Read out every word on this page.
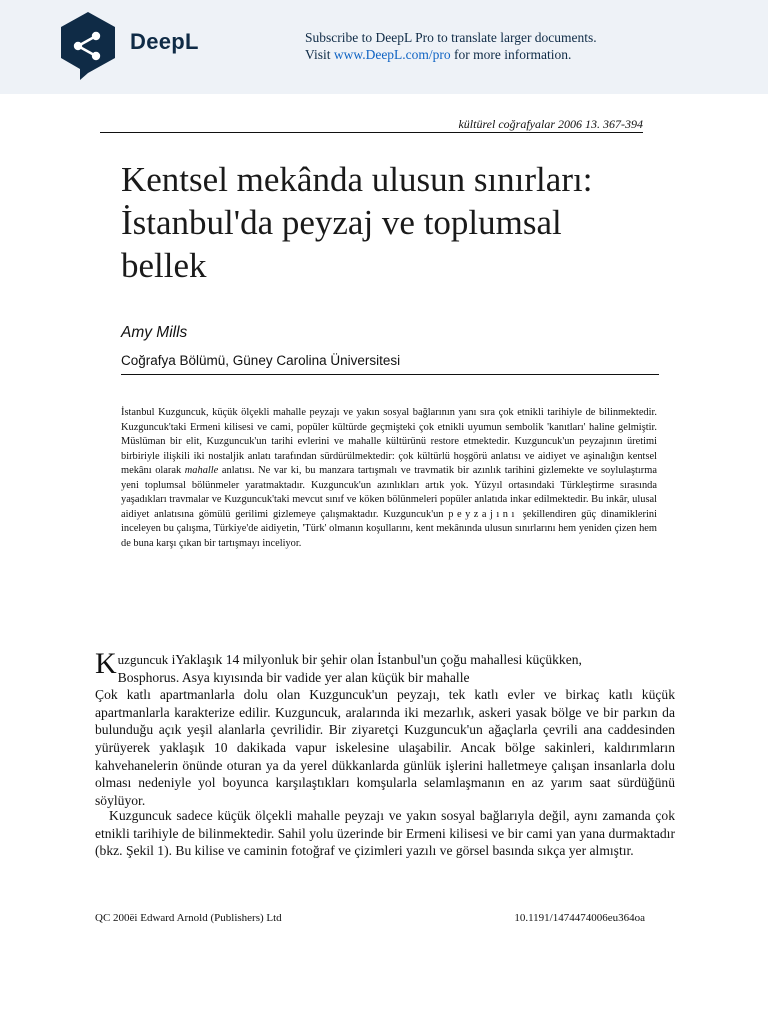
DeepL	Subscribe to DeepL Pro to translate larger documents.
Visit www.DeepL.com/pro for more information.
kültürel coğrafyalar 2006 13. 367-394
Kentsel mekânda ulusun sınırları: İstanbul'da peyzaj ve toplumsal bellek
Amy Mills
Coğrafya Bölümü, Güney Carolina Üniversitesi
İstanbul Kuzguncuk, küçük ölçekli mahalle peyzajı ve yakın sosyal bağlarının yanı sıra çok etnikli tarihiyle de bilinmektedir. Kuzguncuk'taki Ermeni kilisesi ve cami, popüler kültürde geçmişteki çok etnikli uyumun sembolik 'kanıtları' haline gelmiştir. Müslüman bir elit, Kuzguncuk'un tarihi evlerini ve mahalle kültürünü restore etmektedir. Kuzguncuk'un peyzajının üretimi birbiriyle ilişkili iki nostaljik anlatı tarafından sürdürülmektedir: çok kültürlü hoşgörü anlatısı ve aidiyet ve aşinalığın kentsel mekânı olarak mahalle anlatısı. Ne var ki, bu manzara tartışmalı ve travmatik bir azınlık tarihini gizlemekte ve soylulaştırma yeni toplumsal bölünmeler yaratmaktadır. Kuzguncuk'un azınlıkları artık yok. Yüzyıl ortasındaki Türkleştirme sırasında yaşadıkları travmalar ve Kuzguncuk'taki mevcut sınıf ve köken bölünmeleri popüler anlatıda inkar edilmektedir. Bu inkâr, ulusal aidiyet anlatısına gömülü gerilimi gizlemeye çalışmaktadır. Kuzguncuk'un peyzajını şekillendiren güç dinamiklerini inceleyen bu çalışma, Türkiye'de aidiyetin, 'Türk' olmanın koşullarını, kent mekânında ulusun sınırlarını hem yeniden çizen hem de buna karşı çıkan bir tartışmayı inceliyor.
Kuzguncuk iYaklaşık 14 milyonluk bir şehir olan İstanbul'un çoğu mahallesi küçükken,
Bosphorus. Asya kıyısında bir vadide yer alan küçük bir mahalle
Çok katlı apartmanlarla dolu olan Kuzguncuk'un peyzajı, tek katlı evler ve birkaç katlı küçük apartmanlarla karakterize edilir. Kuzguncuk, aralarında iki mezarlık, askeri yasak bölge ve bir parkın da bulunduğu açık yeşil alanlarla çevrilidir. Bir ziyaretçi Kuzguncuk'un ağaçlarla çevrili ana caddesinden yürüyerek yaklaşık 10 dakikada vapur iskelesine ulaşabilir. Ancak bölge sakinleri, kaldırımların kahvehanelerin önünde oturan ya da yerel dükkanlarda günlük işlerini halletmeye çalışan insanlarla dolu olması nedeniyle yol boyunca karşılaştıkları komşularla selamlaşmanın en az yarım saat sürdüğünü söylüyor.
Kuzguncuk sadece küçük ölçekli mahalle peyzajı ve yakın sosyal bağlarıyla değil, aynı zamanda çok etnikli tarihiyle de bilinmektedir. Sahil yolu üzerinde bir Ermeni kilisesi ve bir cami yan yana durmaktadır (bkz. Şekil 1). Bu kilise ve caminin fotoğraf ve çizimleri yazılı ve görsel basında sıkça yer almıştır.
QC 200ëi Edward Arnold (Publishers) Ltd	10.1191/1474474006eu364oa
